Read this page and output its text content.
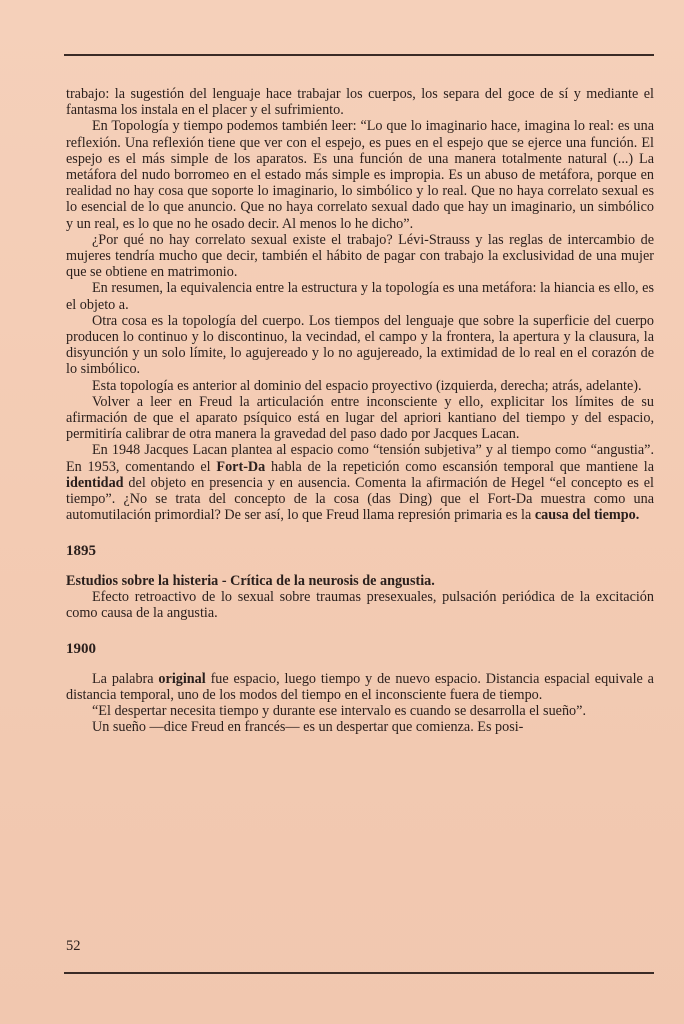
trabajo: la sugestión del lenguaje hace trabajar los cuerpos, los separa del goce de sí y mediante el fantasma los instala en el placer y el sufrimiento.

En Topología y tiempo podemos también leer: “Lo que lo imaginario hace, imagina lo real: es una reflexión. Una reflexión tiene que ver con el espejo, es pues en el espejo que se ejerce una función. El espejo es el más simple de los aparatos. Es una función de una manera totalmente natural (...) La metáfora del nudo borromeo en el estado más simple es impropia. Es un abuso de metáfora, porque en realidad no hay cosa que soporte lo imaginario, lo simbólico y lo real. Que no haya correlato sexual es lo esencial de lo que anuncio. Que no haya correlato sexual dado que hay un imaginario, un simbólico y un real, es lo que no he osado decir. Al menos lo he dicho”.

¿Por qué no hay correlato sexual existe el trabajo? Lévi-Strauss y las reglas de intercambio de mujeres tendría mucho que decir, también el hábito de pagar con trabajo la exclusividad de una mujer que se obtiene en matrimonio.

En resumen, la equivalencia entre la estructura y la topología es una metáfora: la hiancia es ello, es el objeto a.

Otra cosa es la topología del cuerpo. Los tiempos del lenguaje que sobre la superficie del cuerpo producen lo continuo y lo discontinuo, la vecindad, el campo y la frontera, la apertura y la clausura, la disyunción y un solo límite, lo agujereado y lo no agujereado, la extimidad de lo real en el corazón de lo simbólico.

Esta topología es anterior al dominio del espacio proyectivo (izquierda, derecha; atrás, adelante).

Volver a leer en Freud la articulación entre inconsciente y ello, explicitar los límites de su afirmación de que el aparato psíquico está en lugar del apriori kantiano del tiempo y del espacio, permitiría calibrar de otra manera la gravedad del paso dado por Jacques Lacan.

En 1948 Jacques Lacan plantea al espacio como “tensión subjetiva” y al tiempo como “angustia”. En 1953, comentando el Fort-Da habla de la repetición como escansión temporal que mantiene la identidad del objeto en presencia y en ausencia. Comenta la afirmación de Hegel “el concepto es el tiempo”. ¿No se trata del concepto de la cosa (das Ding) que el Fort-Da muestra como una automutilación primordial? De ser así, lo que Freud llama represión primaria es la causa del tiempo.

1895

Estudios sobre la histeria - Crítica de la neurosis de angustia.

Efecto retroactivo de lo sexual sobre traumas presexuales, pulsación periódica de la excitación como causa de la angustia.

1900

La palabra original fue espacio, luego tiempo y de nuevo espacio. Distancia espacial equivale a distancia temporal, uno de los modos del tiempo en el inconsciente fuera de tiempo.

“El despertar necesita tiempo y durante ese intervalo es cuando se desarrolla el sueño”.

Un sueño —dice Freud en francés— es un despertar que comienza. Es posi-

52
